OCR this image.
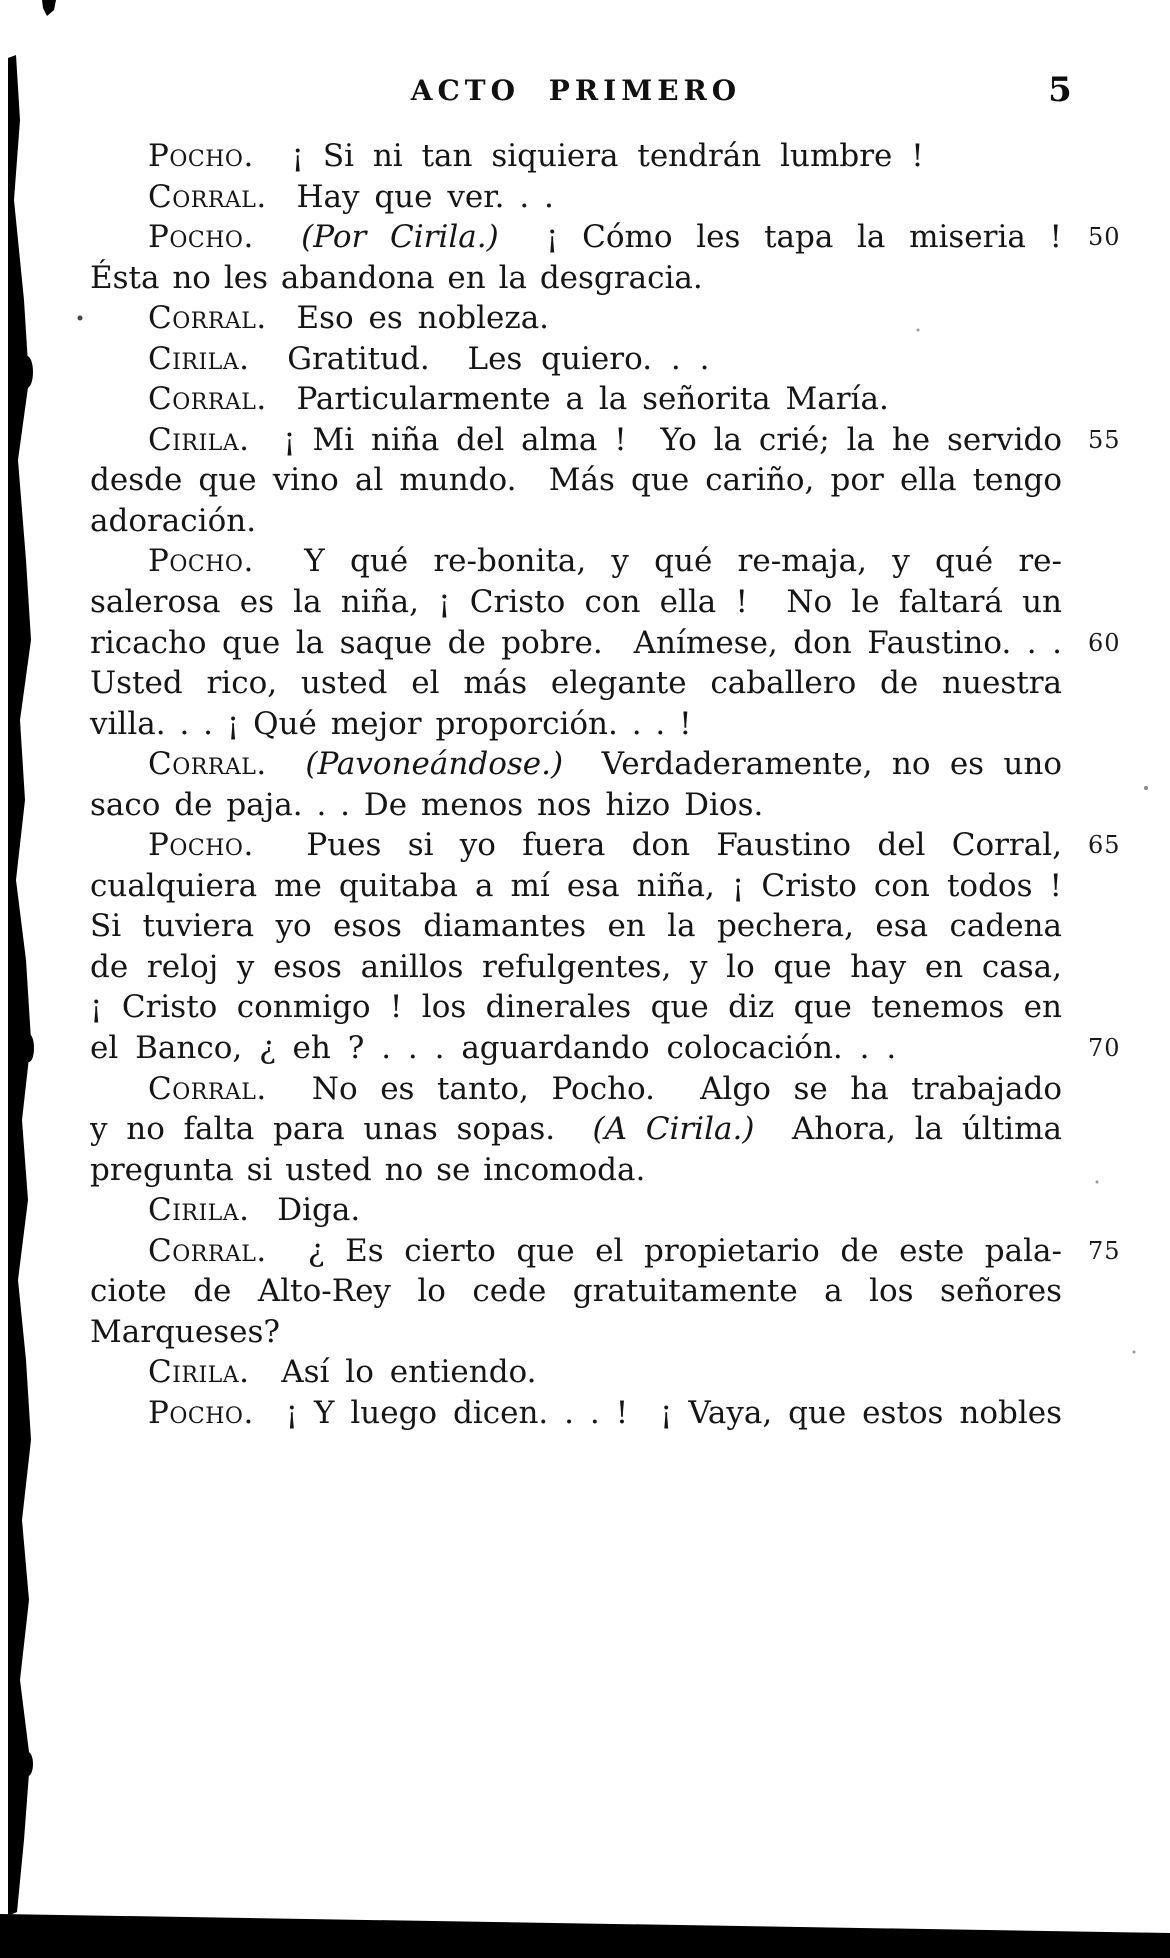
ACTO PRIMERO	5
Pocho.  ¡ Si ni tan siquiera tendrán lumbre !
Corral.  Hay que ver. . .
Pocho. (Por Cirila.)  ¡ Cómo les tapa la miseria ! 50
Ésta no les abandona en la desgracia.
Corral.  Eso es nobleza.
Cirila.  Gratitud.  Les quiero. . .
Corral.  Particularmente a la señorita María.
Cirila.  ¡ Mi niña del alma !  Yo la crié; la he servido 55
desde que vino al mundo.  Más que cariño, por ella tengo
adoración.
Pocho.  Y qué re-bonita, y qué re-maja, y qué re-
salerosa es la niña, ¡ Cristo con ella !  No le faltará un
ricacho que la saque de pobre.  Anímese, don Faustino. . . 60
Usted rico, usted el más elegante caballero de nuestra
villa. . . ¡ Qué mejor proporción. . . !
Corral. (Pavoneándose.)  Verdaderamente, no es uno
saco de paja. . . De menos nos hizo Dios.
Pocho.  Pues si yo fuera don Faustino del Corral, 65
cualquiera me quitaba a mí esa niña, ¡ Cristo con todos !
Si tuviera yo esos diamantes en la pechera, esa cadena
de reloj y esos anillos refulgentes, y lo que hay en casa,
¡ Cristo conmigo ! los dinerales que diz que tenemos en
el Banco, ¿ eh ? . . . aguardando colocación. . .	70
Corral.  No es tanto, Pocho.  Algo se ha trabajado
y no falta para unas sopas.  (A Cirila.)  Ahora, la última
pregunta si usted no se incomoda.
Cirila.  Diga.
Corral.  ¿ Es cierto que el propietario de este pala- 75
ciote de Alto-Rey lo cede gratuitamente a los señores
Marqueses?
Cirila.  Así lo entiendo.
Pocho.  ¡ Y luego dicen. . . !  ¡ Vaya, que estos nobles
